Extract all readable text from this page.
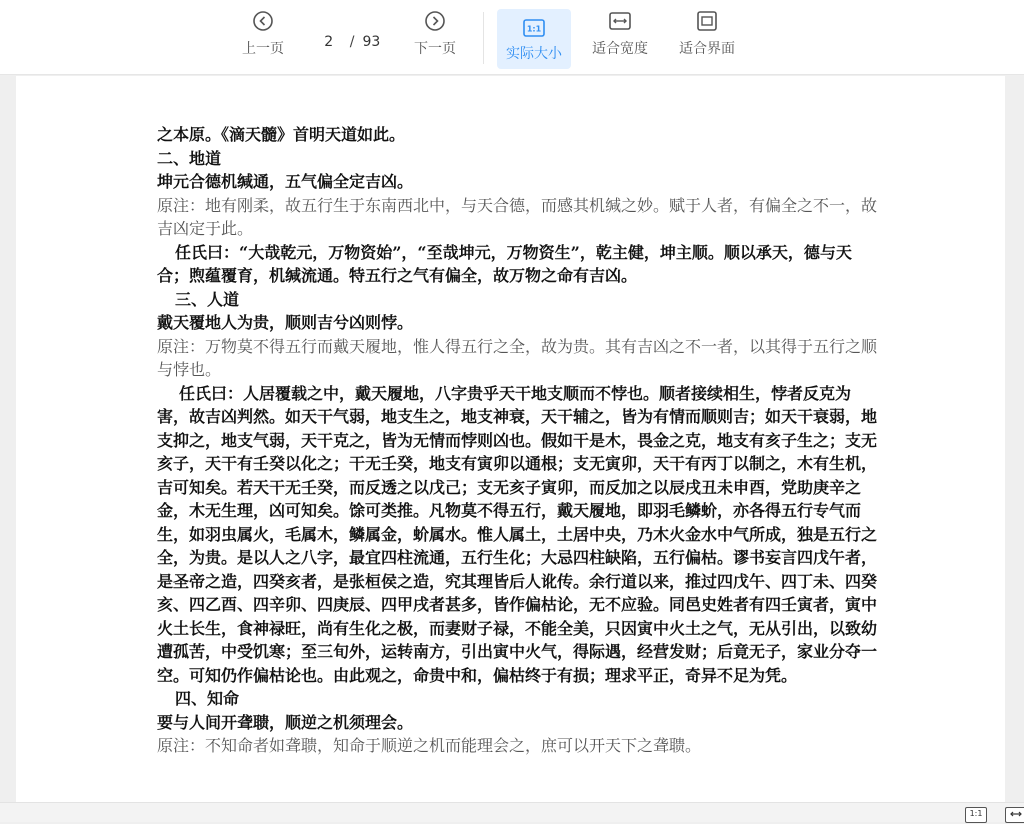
上一页	2	/ 93 下一页
1:1
实际大小 适合宽度 适合界面

之本原。《滴天髓》首明天道如此。

二、地道

坤元合德机缄通，五气偏全定吉凶。

原注：地有刚柔，故五行生于东南西北中，与天合德，而感其机缄之妙。赋于人者，有偏全之不一，故吉凶定于此。

任氏曰：“大哉乾元，万物资始”，“至哉坤元，万物资生”，乾主健，坤主顺。顺以承天，德与天合；煦蕴覆育，机缄流通。特五行之气有偏全，故万物之命有吉凶。

三、人道

戴天覆地人为贵，顺则吉兮凶则悖。

原注：万物莫不得五行而戴天履地，惟人得五行之全，故为贵。其有吉凶之不一者，以其得于五行之顺与悖也。

任氏曰：人居覆载之中，戴天履地，八字贵乎天干地支顺而不悖也。顺者接续相生，悖者反克为害，故吉凶判然。如天干气弱，地支生之，地支神衰，天干辅之，皆为有情而顺则吉；如天干衰弱，地支抑之，地支气弱，天干克之，皆为无情而悖则凶也。假如干是木，畏金之克，地支有亥子生之；支无亥子，天干有壬癸以化之；干无壬癸，地支有寅卯以通根；支无寅卯，天干有丙丁以制之，木有生机，吉可知矣。若天干无壬癸，而反透之以戊己；支无亥子寅卯，而反加之以辰戌丑未申酉，党助庚辛之金，木无生理，凶可知矣。馀可类推。凡物莫不得五行，戴天履地，即羽毛鳞蚧，亦各得五行专气而生，如羽虫属火，毛属木，鳞属金，蚧属水。惟人属土，土居中央，乃木火金水中气所成，独是五行之全，为贵。是以人之八字，最宜四柱流通，五行生化；大忌四柱缺陷，五行偏枯。谬书妄言四戊午者，是圣帝之造，四癸亥者，是张桓侯之造，究其理皆后人讹传。余行道以来，推过四戊午、四丁未、四癸亥、四乙酉、四辛卯、四庚辰、四甲戌者甚多，皆作偏枯论，无不应验。同邑史姓者有四壬寅者，寅中火土长生，食神禄旺，尚有生化之极，而妻财子禄，不能全美，只因寅中火土之气，无从引出，以致幼遭孤苦，中受饥寒；至三旬外，运转南方，引出寅中火气，得际遇，经营发财；后竟无子，家业分夺一空。可知仍作偏枯论也。由此观之，命贵中和，偏枯终于有损；理求平正，奇异不足为凭。

四、知命

要与人间开聋聩，顺逆之机须理会。

原注：不知命者如聋聩，知命于顺逆之机而能理会之，庶可以开天下之聋聩。

1:1
